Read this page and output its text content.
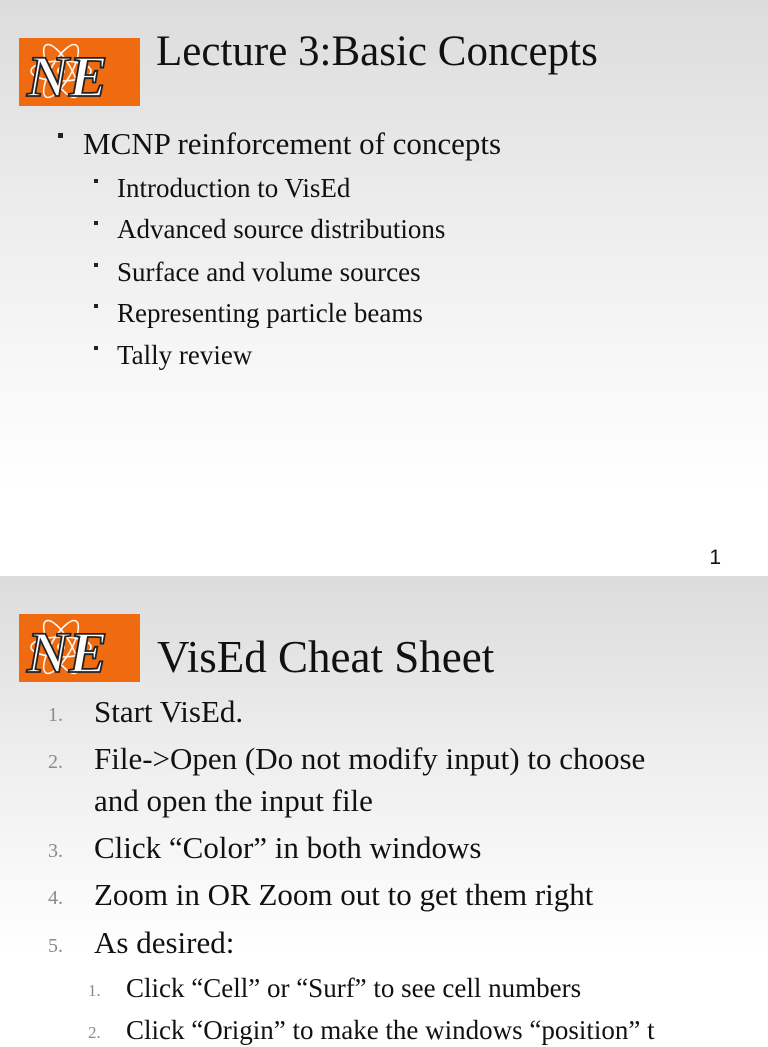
NE Lecture 3:Basic Concepts
MCNP reinforcement of concepts
Introduction to VisEd
Advanced source distributions
Surface and volume sources
Representing particle beams
Tally review
1
NE VisEd Cheat Sheet
1. Start VisEd.
2. File->Open (Do not modify input) to choose
and open the input file
3. Click “Color” in both windows
4. Zoom in OR Zoom out to get them right
5. As desired:
1. Click “Cell” or “Surf” to see cell numbers
2. Click “Origin” to make the windows “position” t
